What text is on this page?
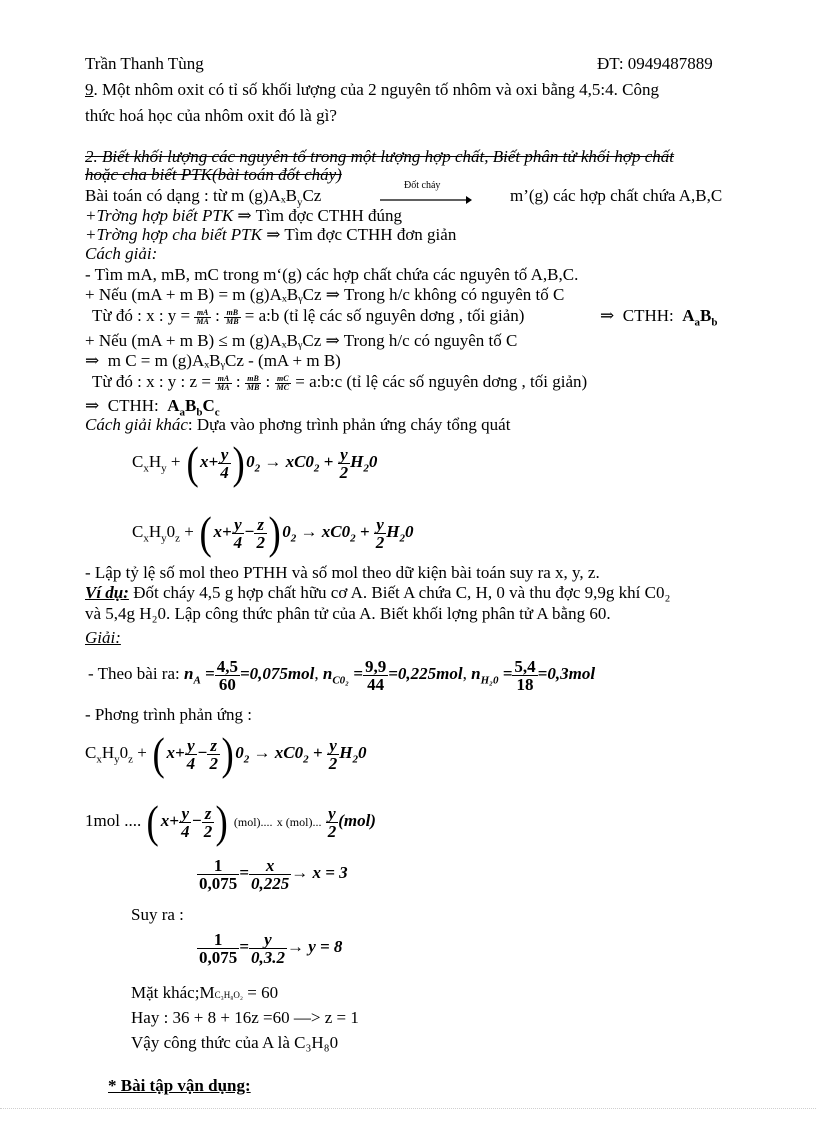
Trần Thanh Tùng	ĐT: 0949487889
9. Một nhôm oxit có tỉ số khối lượng của 2 nguyên tố nhôm và oxi bằng 4,5:4. Công
thức hoá học của nhôm oxit đó là gì?
2. Biết khối lượng các nguyên tố trong một lượng hợp chất, Biết phân tử khối hợp chất
hoặc cha biết PTK(bài toán đốt cháy)
Bài toán có dạng : từ m (g)AₓB$_y$Cz
Đốt cháy
m’(g) các hợp chất chứa A,B,C
+Trờng hợp biết PTK ⇒ Tìm đợc CTHH đúng
+Trờng hợp cha biết PTK ⇒ Tìm đợc CTHH đơn giản
Cách giải:
- Tìm mA, mB, mC trong m‘(g) các hợp chất chứa các nguyên tố A,B,C.
+ Nếu (mA + m B) = m (g)AₓBᵧCz ⇒ Trong h/c không có nguyên tố C
Từ đó : x : $y = \frac{mA}{MA}$ : $\frac{mB}{MB}$ = a:b (tỉ lệ các số nguyên dơng , tối giản)	⇒ CTHH: $A_aB_b$
+ Nếu (mA + m B) ≤ m (g)AₓBᵧCz ⇒ Trong h/c có nguyên tố C
⇒ m C = m (g)AₓBᵧCz - (mA + m B)
Từ đó : x : y : $z = \frac{mA}{MA}$ : $\frac{mB}{MB}$ : $\frac{mC}{MC}$ = a:b:c (tỉ lệ các số nguyên dơng , tối giản)
⇒ CTHH: $A_aB_bC_c$
Cách giải khác: Dựa vào phơng trình phản ứng cháy tổng quát
$C_xH_y + (x+ \frac{y}{4} )0_2 \to xC0_2 + \frac{y}{2} H_20$
$C_xH_y0_z + (x+ \frac{y}{4} - \frac{z}{2} )0_2 \to xC0_2 + \frac{y}{2} H_20$
- Lập tỷ lệ số mol theo PTHH và số mol theo dữ kiện bài toán suy ra x, y, z.
Ví dụ: Đốt cháy 4,5 g hợp chất hữu cơ A. Biết A chứa C, H, 0 và thu đợc 9,9g khí C0₂
và 5,4g H₂0. Lập công thức phân tử của A. Biết khối lợng phân tử A bằng 60.
Giải:
- Theo bài ra: $n_A = \frac{4,5}{60} =0,075mol$, $n_{C0_2} = \frac{9,9}{44} =0,225mol$, $n_{H_20} = \frac{5,4}{18} =0,3mol$
- Phơng trình phản ứng :
$C_xH_y0_z + (x+ \frac{y}{4} - \frac{z}{2} )0_2 \to xC0_2 + \frac{y}{2} H_20$
1mol .... ($x+ \frac{y}{4} - \frac{z}{2}$ ) (mol).... x (mol)... $\frac{y}{2} (mol)$
$\frac{1}{0,075} = \frac{x}{0,225} \to x = 3$
Suy ra :
$\frac{1}{0,075} = \frac{y}{0,3.2} \to y = 8$
Mặt khác;MC₃H₈O₂ = 60
Hay : 36 + 8 + 16z =60 —> z = 1
Vậy công thức của A là C₃H₈0
* Bài tập vận dụng:
